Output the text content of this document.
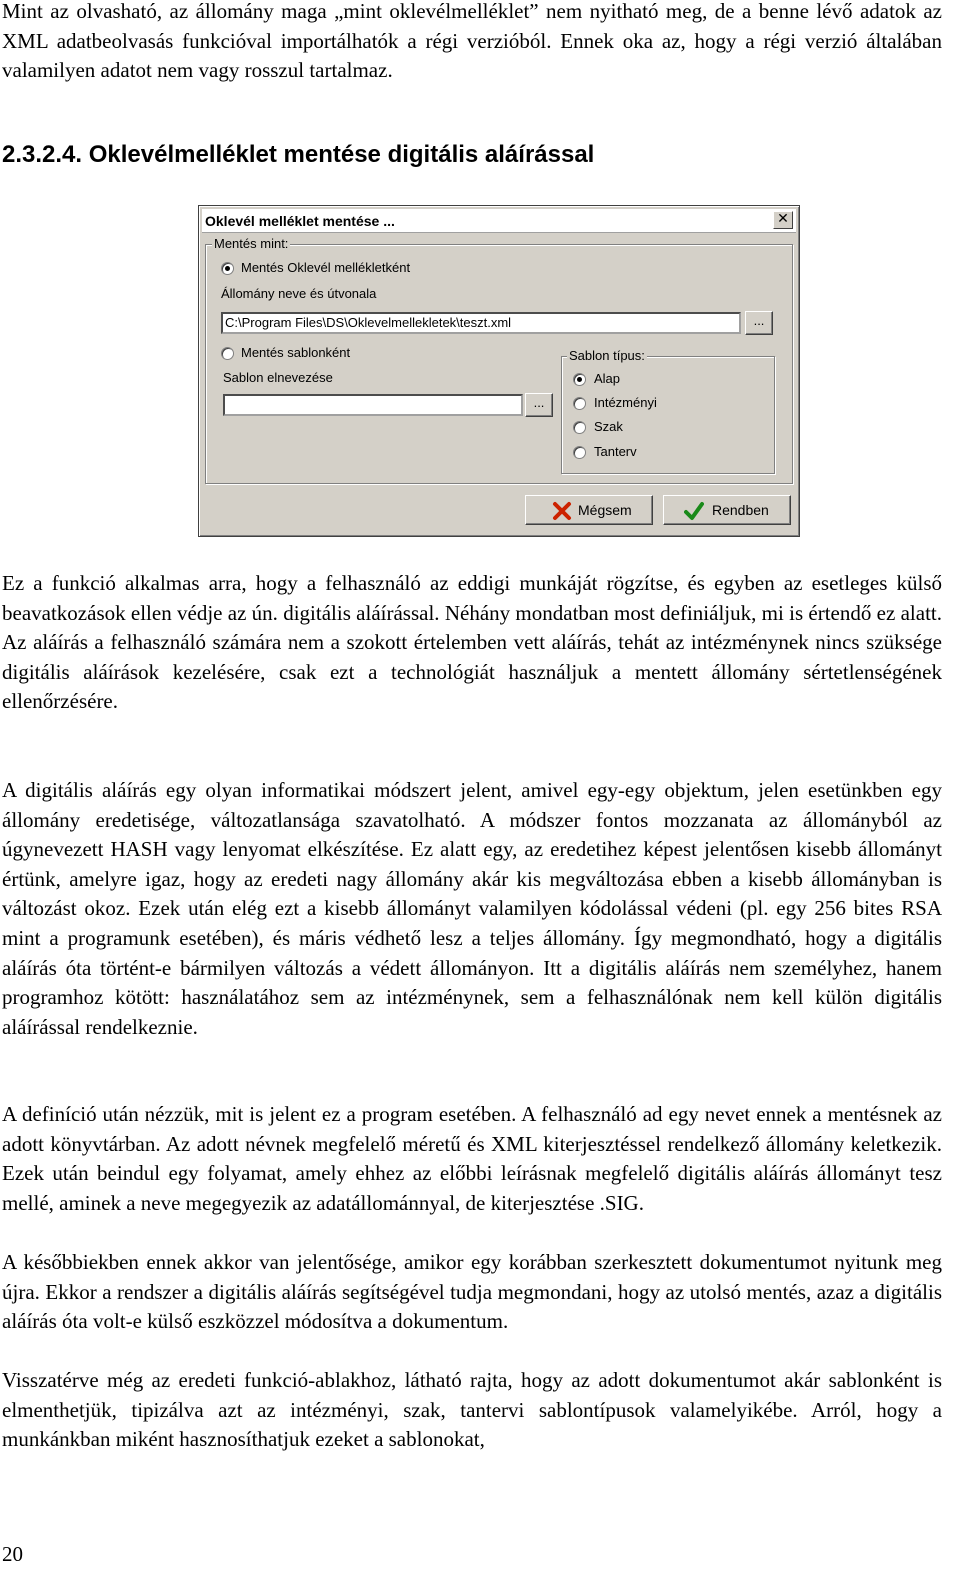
Mint az olvasható, az állomány maga „mint oklevélmelléklet” nem nyitható meg, de a benne lévő adatok az XML adatbeolvasás funkcióval importálhatók a régi verzióból. Ennek oka az, hogy a régi verzió általában valamilyen adatot nem vagy rosszul tartalmaz.

2.3.2.4. Oklevélmelléklet mentése digitális aláírással
Oklevél melléklet mentése ...	✕
Mentés mint:
Mentés Oklevél mellékletként
Állomány neve és útvonala
C:\Program Files\DS\Oklevelmellekletek\teszt.xml	...
Mentés sablonként
Sablon elnevezése
...
Sablon típus:
Alap
Intézményi
Szak
Tanterv
Mégsem	Rendben

Ez a funkció alkalmas arra, hogy a felhasználó az eddigi munkáját rögzítse, és egyben az esetleges külső beavatkozások ellen védje az ún. digitális aláírással. Néhány mondatban most definiáljuk, mi is értendő ez alatt. Az aláírás a felhasználó számára nem a szokott értelemben vett aláírás, tehát az intézménynek nincs szüksége digitális aláírások kezelésére, csak ezt a technológiát használjuk a mentett állomány sértetlenségének ellenőrzésére.

A digitális aláírás egy olyan informatikai módszert jelent, amivel egy-egy objektum, jelen esetünkben egy állomány eredetisége, változatlansága szavatolható. A módszer fontos mozzanata az állományból az úgynevezett HASH vagy lenyomat elkészítése. Ez alatt egy, az eredetihez képest jelentősen kisebb állományt értünk, amelyre igaz, hogy az eredeti nagy állomány akár kis megváltozása ebben a kisebb állományban is változást okoz. Ezek után elég ezt a kisebb állományt valamilyen kódolással védeni (pl. egy 256 bites RSA mint a programunk esetében), és máris védhető lesz a teljes állomány. Így megmondható, hogy a digitális aláírás óta történt-e bármilyen változás a védett állományon. Itt a digitális aláírás nem személyhez, hanem programhoz kötött: használatához sem az intézménynek, sem a felhasználónak nem kell külön digitális aláírással rendelkeznie.

A definíció után nézzük, mit is jelent ez a program esetében. A felhasználó ad egy nevet ennek a mentésnek az adott könyvtárban. Az adott névnek megfelelő méretű és XML kiterjesztéssel rendelkező állomány keletkezik. Ezek után beindul egy folyamat, amely ehhez az előbbi leírásnak megfelelő digitális aláírás állományt tesz mellé, aminek a neve megegyezik az adatállománnyal, de kiterjesztése .SIG.

A későbbiekben ennek akkor van jelentősége, amikor egy korábban szerkesztett dokumentumot nyitunk meg újra. Ekkor a rendszer a digitális aláírás segítségével tudja megmondani, hogy az utolsó mentés, azaz a digitális aláírás óta volt-e külső eszközzel módosítva a dokumentum.

Visszatérve még az eredeti funkció-ablakhoz, látható rajta, hogy az adott dokumentumot akár sablonként is elmenthetjük, tipizálva azt az intézményi, szak, tantervi sablontípusok valamelyikébe. Arról, hogy a munkánkban miként hasznosíthatjuk ezeket a sablonokat,

20
